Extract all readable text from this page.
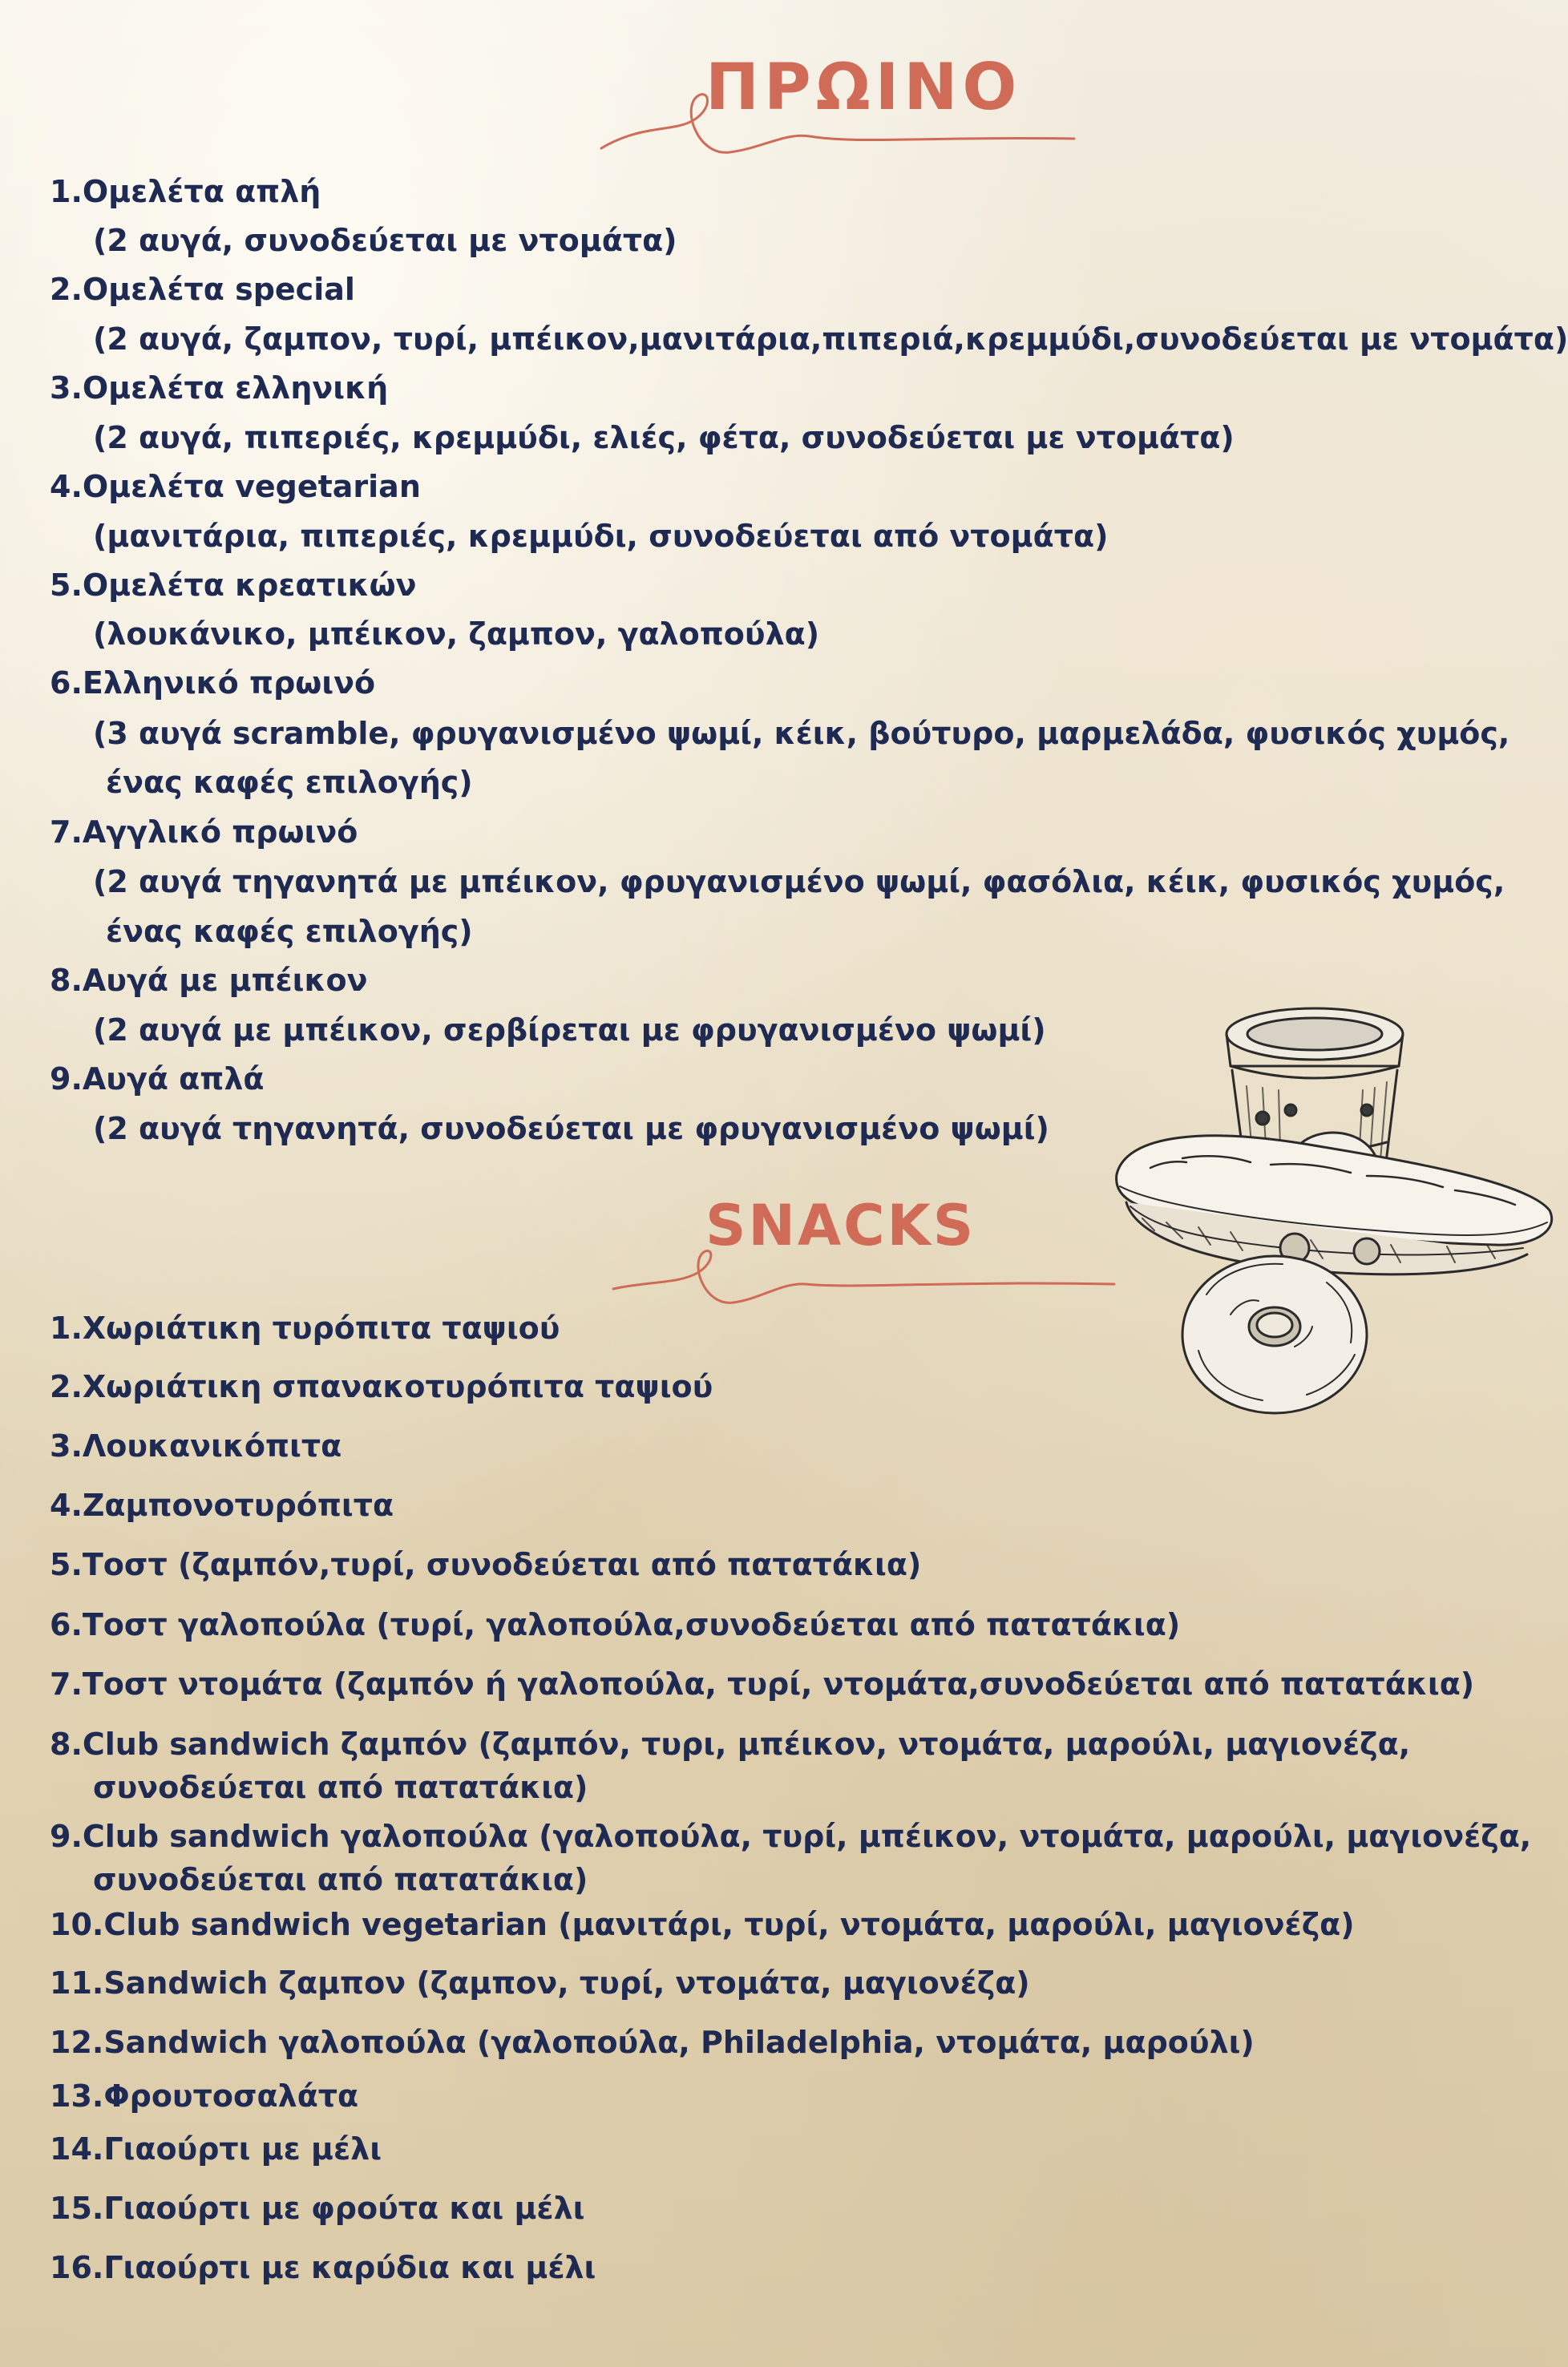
ΠΡΩΙΝΟ
1.Ομελέτα απλή
(2 αυγά, συνοδεύεται με ντομάτα)
2.Ομελέτα special
(2 αυγά, ζαμπον, τυρί, μπέικον,μανιτάρια,πιπεριά,κρεμμύδι,συνοδεύεται με ντομάτα)
3.Ομελέτα ελληνική
(2 αυγά, πιπεριές, κρεμμύδι, ελιές, φέτα, συνοδεύεται με ντομάτα)
4.Ομελέτα vegetarian
(μανιτάρια, πιπεριές, κρεμμύδι, συνοδεύεται από ντομάτα)
5.Ομελέτα κρεατικών
(λουκάνικο, μπέικον, ζαμπον, γαλοπούλα)
6.Ελληνικό πρωινό
(3 αυγά scramble, φρυγανισμένο ψωμί, κέικ, βούτυρο, μαρμελάδα, φυσικός χυμός,
ένας καφές επιλογής)
7.Αγγλικό πρωινό
(2 αυγά τηγανητά με μπέικον, φρυγανισμένο ψωμί, φασόλια, κέικ, φυσικός χυμός,
ένας καφές επιλογής)
8.Αυγά με μπέικον
(2 αυγά με μπέικον, σερβίρεται με φρυγανισμένο ψωμί)
9.Αυγά απλά
(2 αυγά τηγανητά, συνοδεύεται με φρυγανισμένο ψωμί)
SNACKS
1.Χωριάτικη τυρόπιτα ταψιού
2.Χωριάτικη σπανακοτυρόπιτα ταψιού
3.Λουκανικόπιτα
4.Ζαμπονοτυρόπιτα
5.Τοστ (ζαμπόν,τυρί, συνοδεύεται από πατατάκια)
6.Τοστ γαλοπούλα (τυρί, γαλοπούλα,συνοδεύεται από πατατάκια)
7.Τοστ ντομάτα (ζαμπόν ή γαλοπούλα, τυρί, ντομάτα,συνοδεύεται από πατατάκια)
8.Club sandwich ζαμπόν (ζαμπόν, τυρι, μπέικον, ντομάτα, μαρούλι, μαγιονέζα,
συνοδεύεται από πατατάκια)
9.Club sandwich γαλοπούλα (γαλοπούλα, τυρί, μπέικον, ντομάτα, μαρούλι, μαγιονέζα,
συνοδεύεται από πατατάκια)
10.Club sandwich vegetarian (μανιτάρι, τυρί, ντομάτα, μαρούλι, μαγιονέζα)
11.Sandwich ζαμπον (ζαμπον, τυρί, ντομάτα, μαγιονέζα)
12.Sandwich γαλοπούλα (γαλοπούλα, Philadelphia, ντομάτα, μαρούλι)
13.Φρουτοσαλάτα
14.Γιαούρτι με μέλι
15.Γιαούρτι με φρούτα και μέλι
16.Γιαούρτι με καρύδια και μέλι
